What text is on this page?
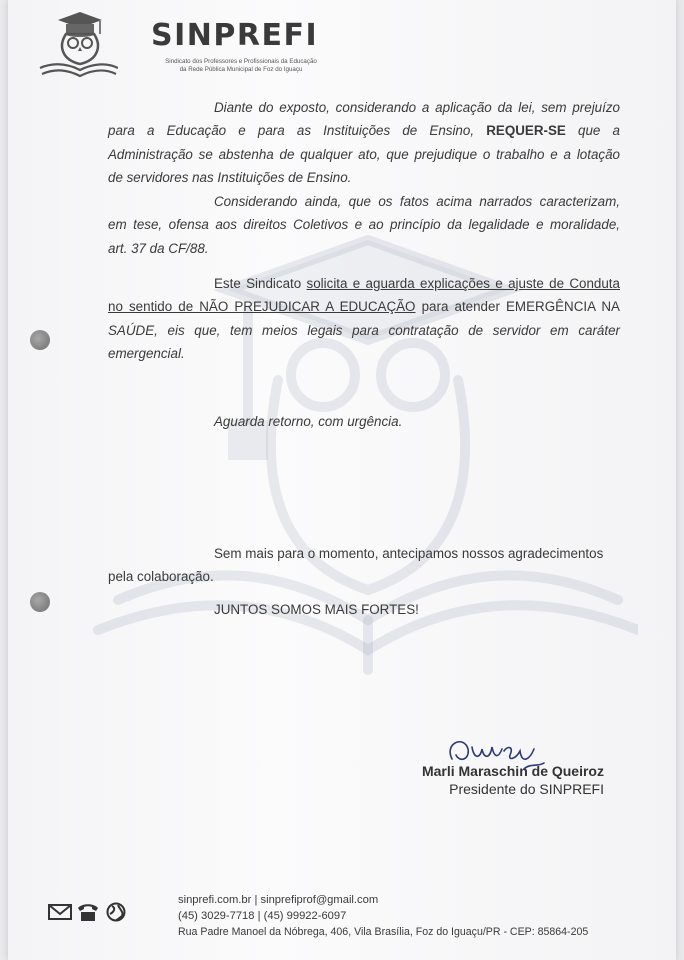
SINPREFI
Sindicato dos Professores e Profissionais da Educação
da Rede Pública Municipal de Foz do Iguaçu
Diante do exposto, considerando a aplicação da lei, sem prejuízo
para a Educação e para as Instituições de Ensino, REQUER-SE que a
Administração se abstenha de qualquer ato, que prejudique o trabalho e a lotação
de servidores nas Instituições de Ensino.
Considerando ainda, que os fatos acima narrados caracterizam,
em tese, ofensa aos direitos Coletivos e ao princípio da legalidade e moralidade,
art. 37 da CF/88.
Este Sindicato solicita e aguarda explicações e ajuste de Conduta
no sentido de NÃO PREJUDICAR A EDUCAÇÃO para atender EMERGÊNCIA NA
SAÚDE, eis que, tem meios legais para contratação de servidor em caráter
emergencial.
Aguarda retorno, com urgência.
Sem mais para o momento, antecipamos nossos agradecimentos
pela colaboração.
JUNTOS SOMOS MAIS FORTES!
Marli Maraschin de Queiroz
Presidente do SINPREFI
sinprefi.com.br | sinprefiprof@gmail.com
(45) 3029-7718 | (45) 99922-6097
Rua Padre Manoel da Nóbrega, 406, Vila Brasília, Foz do Iguaçu/PR - CEP: 85864-205
